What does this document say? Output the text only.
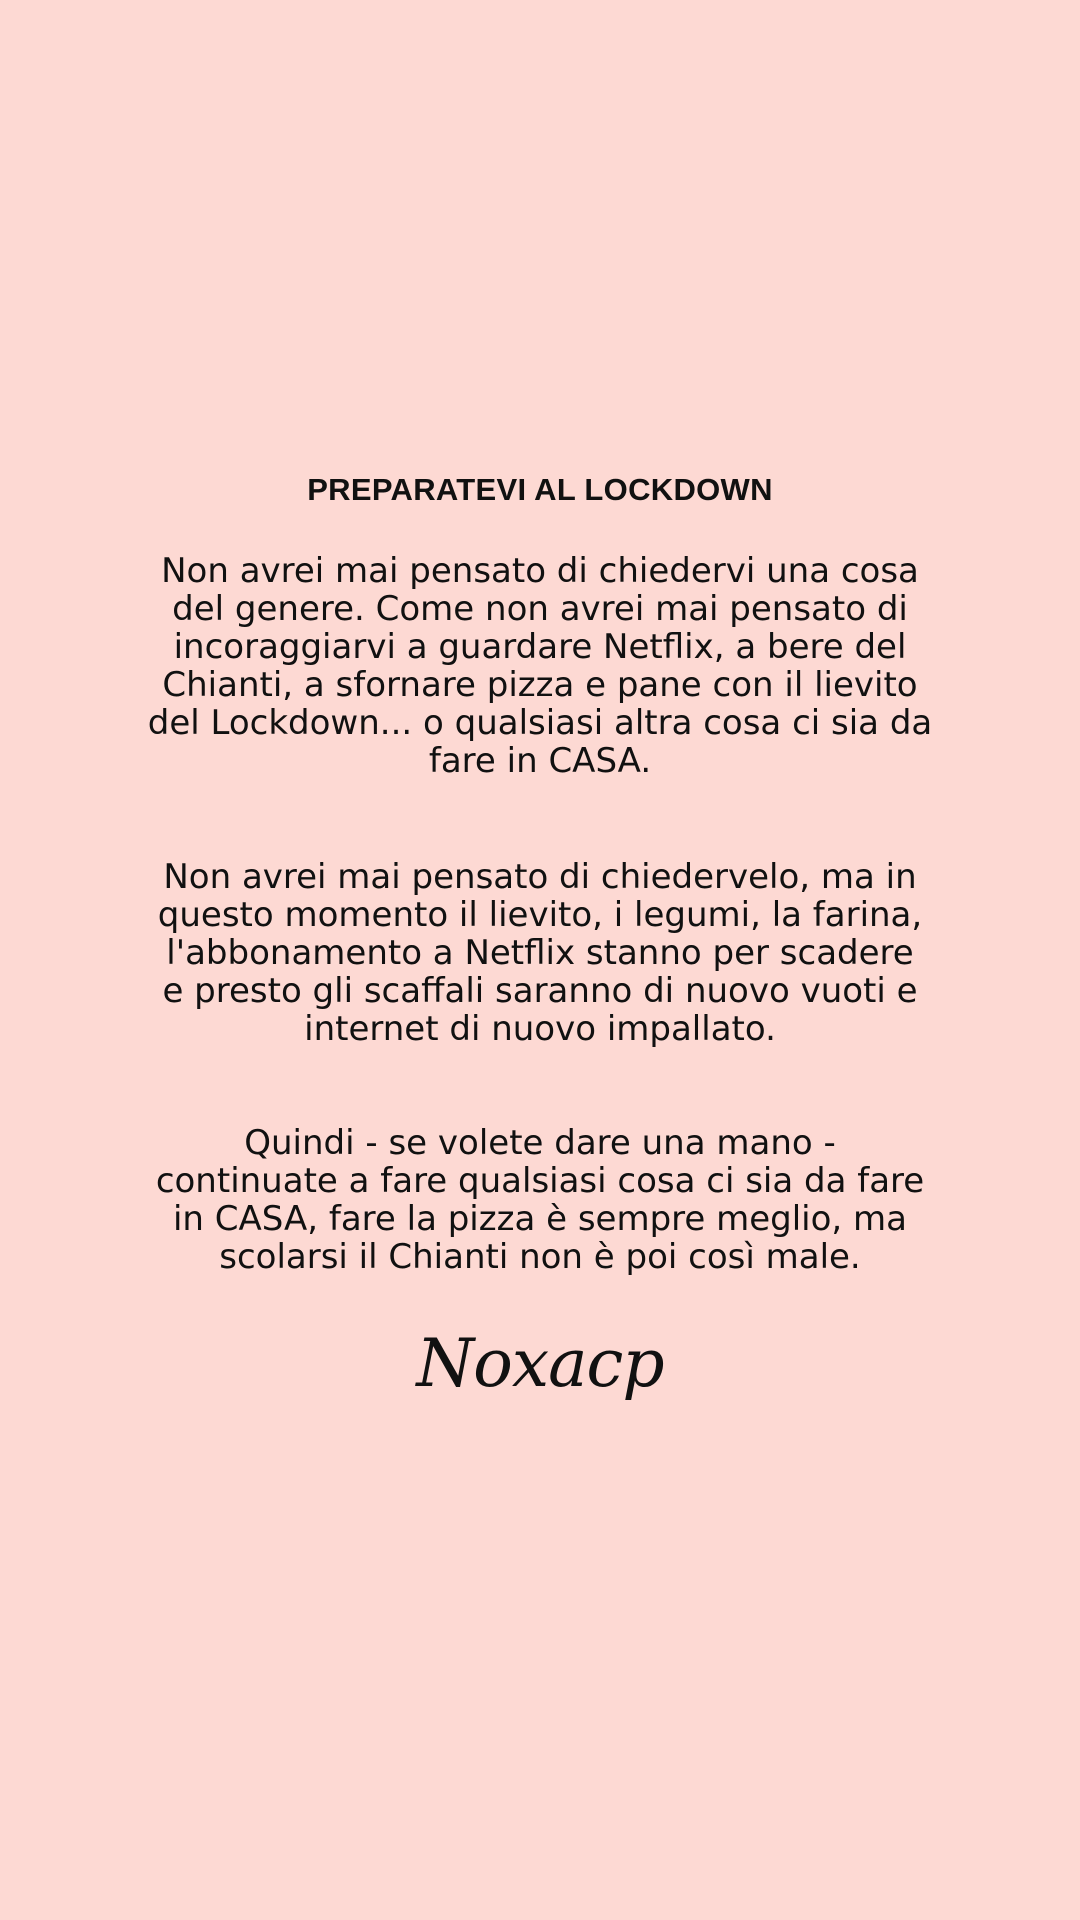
PREPARATEVI AL LOCKDOWN

Non avrei mai pensato di chiedervi una cosa
del genere. Come non avrei mai pensato di
incoraggiarvi a guardare Netflix, a bere del
Chianti, a sfornare pizza e pane con il lievito
del Lockdown... o qualsiasi altra cosa ci sia da
fare in CASA.

Non avrei mai pensato di chiedervelo, ma in
questo momento il lievito, i legumi, la farina,
l'abbonamento a Netflix stanno per scadere
e presto gli scaffali saranno di nuovo vuoti e
internet di nuovo impallato.

Quindi - se volete dare una mano -
continuate a fare qualsiasi cosa ci sia da fare
in CASA, fare la pizza è sempre meglio, ma
scolarsi il Chianti non è poi così male.

Noxacp
